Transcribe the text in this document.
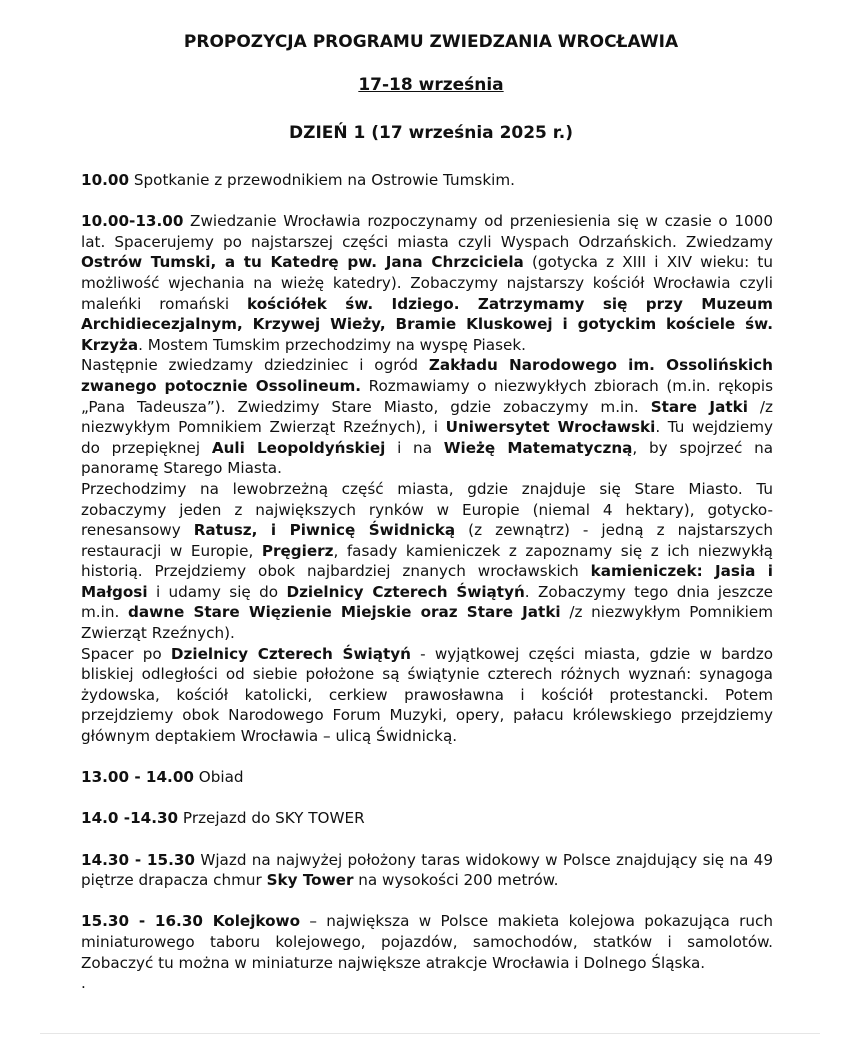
PROPOZYCJA PROGRAMU ZWIEDZANIA WROCŁAWIA
17-18 września
DZIEŃ 1 (17 września 2025 r.)

10.00 Spotkanie z przewodnikiem na Ostrowie Tumskim.

10.00-13.00 Zwiedzanie Wrocławia rozpoczynamy od przeniesienia się w czasie o 1000 lat. Spacerujemy po najstarszej części miasta czyli Wyspach Odrzańskich. Zwiedzamy Ostrów Tumski, a tu Katedrę pw. Jana Chrzciciela (gotycka z XIII i XIV wieku: tu możliwość wjechania na wieżę katedry). Zobaczymy najstarszy kościół Wrocławia czyli maleńki romański kościółek św. Idziego. Zatrzymamy się przy Muzeum Archidiecezjalnym, Krzywej Wieży, Bramie Kluskowej i gotyckim kościele św. Krzyża. Mostem Tumskim przechodzimy na wyspę Piasek.

Następnie zwiedzamy dziedziniec i ogród Zakładu Narodowego im. Ossolińskich zwanego potocznie Ossolineum. Rozmawiamy o niezwykłych zbiorach (m.in. rękopis „Pana Tadeusza”). Zwiedzimy Stare Miasto, gdzie zobaczymy m.in. Stare Jatki /z niezwykłym Pomnikiem Zwierząt Rzeźnych), i Uniwersytet Wrocławski. Tu wejdziemy do przepięknej Auli Leopoldyńskiej i na Wieżę Matematyczną, by spojrzeć na panoramę Starego Miasta.

Przechodzimy na lewobrzeżną część miasta, gdzie znajduje się Stare Miasto. Tu zobaczymy jeden z największych rynków w Europie (niemal 4 hektary), gotycko-renesansowy Ratusz, i Piwnicę Świdnicką (z zewnątrz) - jedną z najstarszych restauracji w Europie, Pręgierz, fasady kamieniczek z zapoznamy się z ich niezwykłą historią. Przejdziemy obok najbardziej znanych wrocławskich kamieniczek: Jasia i Małgosi i udamy się do Dzielnicy Czterech Świątyń. Zobaczymy tego dnia jeszcze m.in. dawne Stare Więzienie Miejskie oraz Stare Jatki /z niezwykłym Pomnikiem Zwierząt Rzeźnych).

Spacer po Dzielnicy Czterech Świątyń - wyjątkowej części miasta, gdzie w bardzo bliskiej odległości od siebie położone są świątynie czterech różnych wyznań: synagoga żydowska, kościół katolicki, cerkiew prawosławna i kościół protestancki. Potem przejdziemy obok Narodowego Forum Muzyki, opery, pałacu królewskiego przejdziemy głównym deptakiem Wrocławia – ulicą Świdnicką.

13.00 - 14.00 Obiad

14.0 -14.30 Przejazd do SKY TOWER

14.30 - 15.30 Wjazd na najwyżej położony taras widokowy w Polsce znajdujący się na 49 piętrze drapacza chmur Sky Tower na wysokości 200 metrów.

15.30 - 16.30 Kolejkowo – największa w Polsce makieta kolejowa pokazująca ruch miniaturowego taboru kolejowego, pojazdów, samochodów, statków i samolotów. Zobaczyć tu można w miniaturze największe atrakcje Wrocławia i Dolnego Śląska.

.
